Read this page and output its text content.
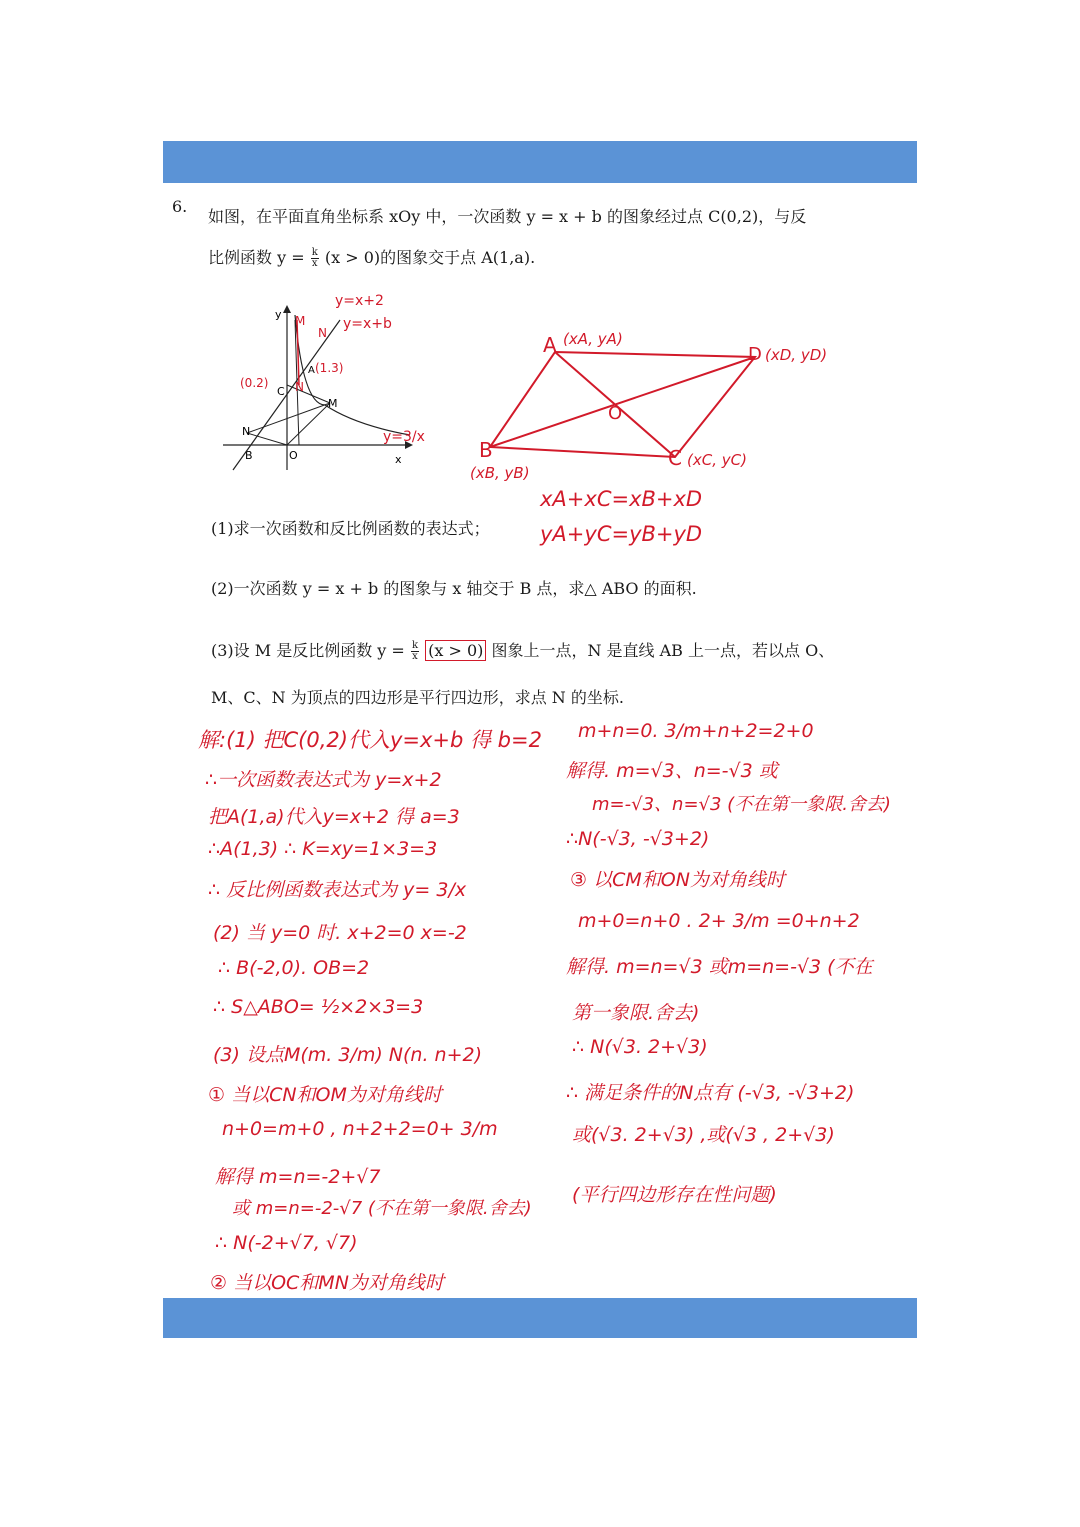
6.
如图，在平面直角坐标系 xOy 中，一次函数 y = x + b 的图象经过点 C(0,2)，与反
比例函数 $y = \frac{k}{x} (x > 0)$的图象交于点 A(1,a).
y
x
O
B
C
A
M
N
N
M
N
y=x+2
y=x+b
y=3/x
(0.2)
(1.3)
A (xA, yA)
D (xD, yD)
B
(xB, yB)
C (xC, yC)
O
xA+xC=xB+xD
yA+yC=yB+yD
(1)求一次函数和反比例函数的表达式；
(2)一次函数 y = x + b 的图象与 x 轴交于 B 点，求△ ABO 的面积.
(3)设 M 是反比例函数 $y = \frac{k}{x} (x > 0)$ 图象上一点，N 是直线 AB 上一点，若以点 O、
M、C、N 为顶点的四边形是平行四边形，求点 N 的坐标.
解:(1) 把C(0,2)代入y=x+b 得 b=2
∴一次函数表达式为 y=x+2
把A(1,a)代入y=x+2 得 a=3
∴A(1,3) ∴ K=xy=1×3=3
∴ 反比例函数表达式为 y= 3/x
(2) 当 y=0 时. x+2=0 x=-2
∴ B(-2,0). OB=2
∴ S△ABO= ½×2×3=3
(3) 设点M(m. 3/m) N(n. n+2)
① 当以CN和OM为对角线时
n+0=m+0 , n+2+2=0+ 3/m
解得 m=n=-2+√7
或 m=n=-2-√7 (不在第一象限.舍去)
∴ N(-2+√7, √7)
② 当以OC和MN为对角线时
m+n=0. 3/m+n+2=2+0
解得. m=√3、n=-√3 或
m=-√3、n=√3 (不在第一象限.舍去)
∴N(-√3, -√3+2)
③ 以CM和ON为对角线时
m+0=n+0 . 2+ 3/m =0+n+2
解得. m=n=√3 或m=n=-√3 (不在
第一象限.舍去)
∴ N(√3. 2+√3)
∴ 满足条件的N点有 (-√3, -√3+2)
或(√3. 2+√3) ,或(√3 , 2+√3)
(平行四边形存在性问题)
